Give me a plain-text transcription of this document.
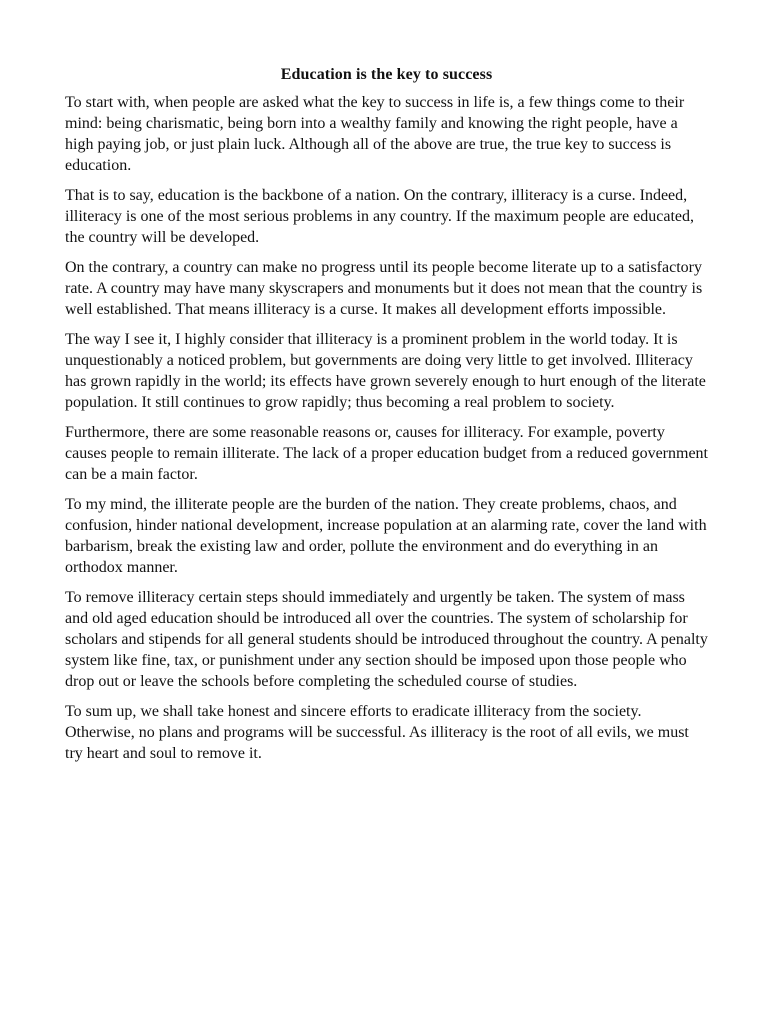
Education is the key to success

To start with, when people are asked what the key to success in life is, a few things come to their mind: being charismatic, being born into a wealthy family and knowing the right people, have a high paying job, or just plain luck. Although all of the above are true, the true key to success is education.

That is to say, education is the backbone of a nation. On the contrary, illiteracy is a curse. Indeed, illiteracy is one of the most serious problems in any country. If the maximum people are educated, the country will be developed.

On the contrary, a country can make no progress until its people become literate up to a satisfactory rate. A country may have many skyscrapers and monuments but it does not mean that the country is well established. That means illiteracy is a curse. It makes all development efforts impossible.

The way I see it, I highly consider that illiteracy is a prominent problem in the world today. It is unquestionably a noticed problem, but governments are doing very little to get involved. Illiteracy has grown rapidly in the world; its effects have grown severely enough to hurt enough of the literate population. It still continues to grow rapidly; thus becoming a real problem to society.

Furthermore, there are some reasonable reasons or, causes for illiteracy. For example, poverty causes people to remain illiterate. The lack of a proper education budget from a reduced government can be a main factor.

To my mind, the illiterate people are the burden of the nation. They create problems, chaos, and confusion, hinder national development, increase population at an alarming rate, cover the land with barbarism, break the existing law and order, pollute the environment and do everything in an orthodox manner.

To remove illiteracy certain steps should immediately and urgently be taken. The system of mass and old aged education should be introduced all over the countries. The system of scholarship for scholars and stipends for all general students should be introduced throughout the country. A penalty system like fine, tax, or punishment under any section should be imposed upon those people who drop out or leave the schools before completing the scheduled course of studies.

To sum up, we shall take honest and sincere efforts to eradicate illiteracy from the society. Otherwise, no plans and programs will be successful. As illiteracy is the root of all evils, we must try heart and soul to remove it.
